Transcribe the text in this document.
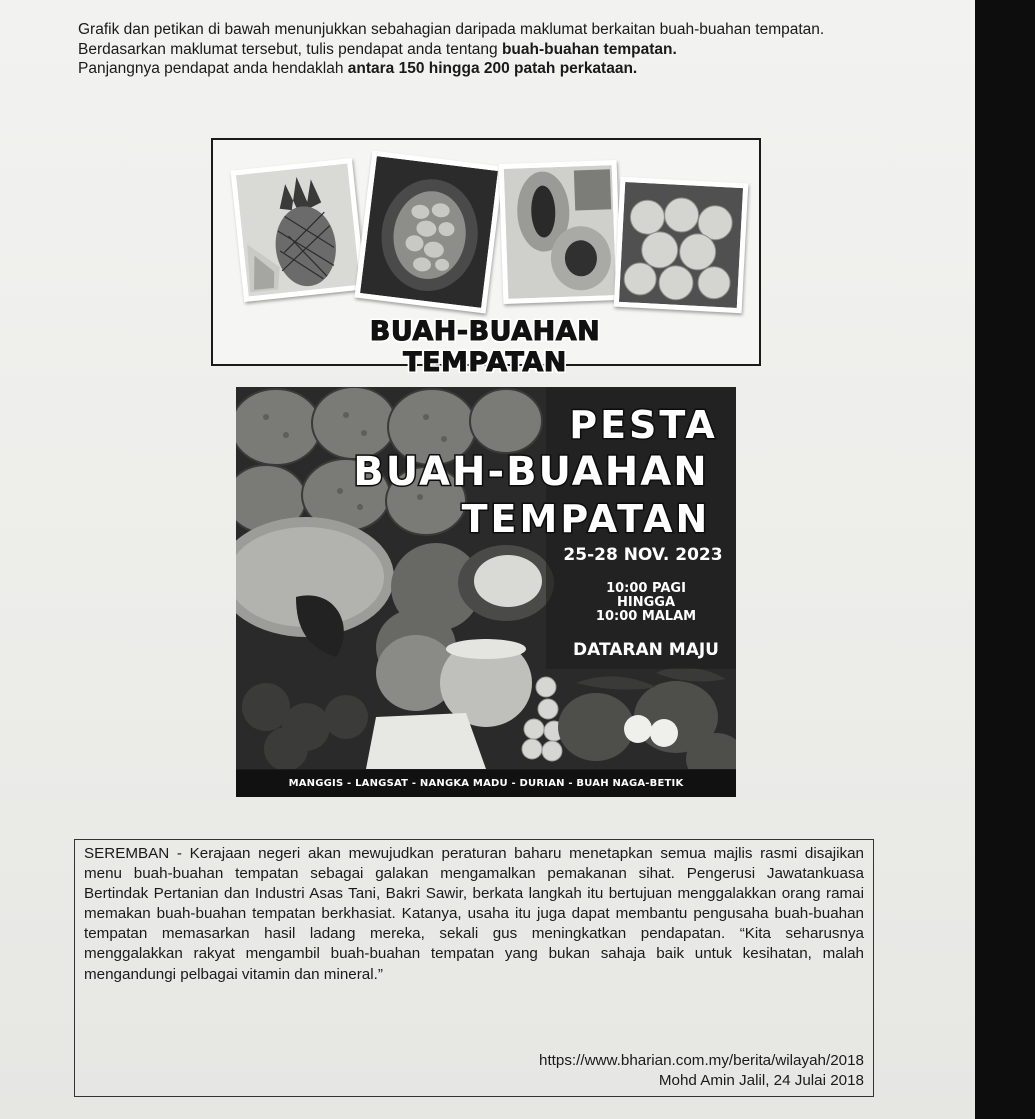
Grafik dan petikan di bawah menunjukkan sebahagian daripada maklumat berkaitan buah-buahan tempatan.

Berdasarkan maklumat tersebut, tulis pendapat anda tentang buah-buahan tempatan.

Panjangnya pendapat anda hendaklah antara 150 hingga 200 patah perkataan.

BUAH-BUAHAN TEMPATAN
PESTA
BUAH-BUAHAN
TEMPATAN
25-28 NOV. 2023
10:00 PAGI
HINGGA
10:00 MALAM
DATARAN MAJU
MANGGIS - LANGSAT - NANGKA MADU - DURIAN - BUAH NAGA-BETIK

SEREMBAN - Kerajaan negeri akan mewujudkan peraturan baharu menetapkan semua majlis rasmi disajikan menu buah-buahan tempatan sebagai galakan mengamalkan pemakanan sihat. Pengerusi Jawatankuasa Bertindak Pertanian dan Industri Asas Tani, Bakri Sawir, berkata langkah itu bertujuan menggalakkan orang ramai memakan buah-buahan tempatan berkhasiat. Katanya, usaha itu juga dapat membantu pengusaha buah-buahan tempatan memasarkan hasil ladang mereka, sekali gus meningkatkan pendapatan. “Kita seharusnya menggalakkan rakyat mengambil buah-buahan tempatan yang bukan sahaja baik untuk kesihatan, malah mengandungi pelbagai vitamin dan mineral.”

https://www.bharian.com.my/berita/wilayah/2018
Mohd Amin Jalil, 24 Julai 2018
